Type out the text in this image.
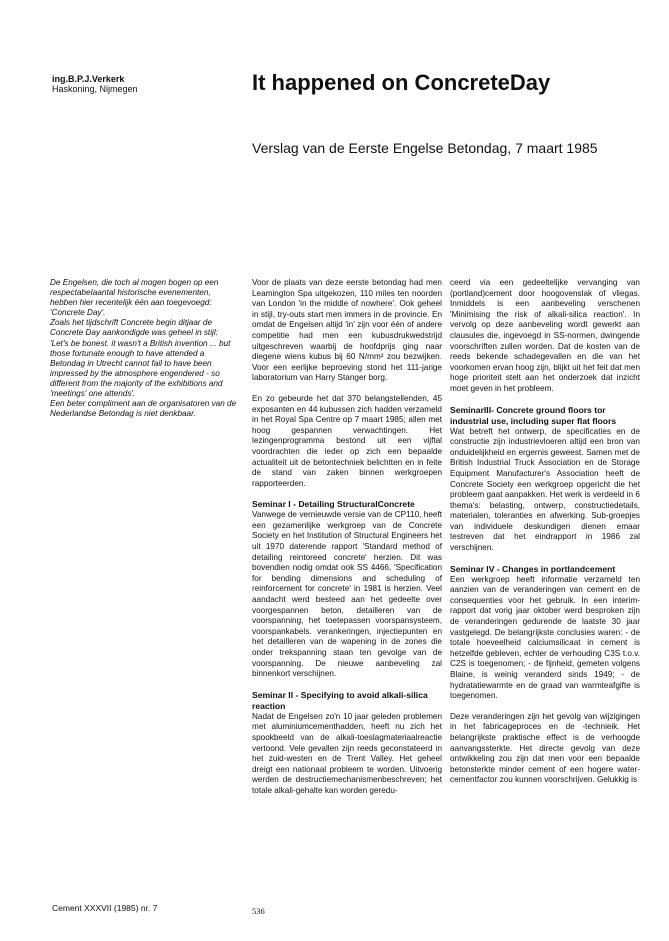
ing.B.P.J.Verkerk
Haskoning, Nijmegen	It happened on ConcreteDay
Verslag van de Eerste Engelse Betondag, 7 maart 1985

De Engelsen, die toch al mogen bogen op een respectabeIaantal historische evenementen, hebben hier recentelijk één aan toegevoegd: 'Concrete Day'.

Zoals het tijdschrift Concrete begin ditjaar de Concrete Day aankondigde was geheel in stijl:

'Let's be bonest. it wasn't a British invention ... but those fortunate enough to have attended a Betondag in Utrecht cannot fail to have been impressed by the atmosphere engendered - so different from the majority of the exhibitions and 'meetings' one attends'.

Een beter compliment aan de organisatoren van de Nederlandse Betondag is niet denkbaar.

Voor de plaats van deze eerste betondag had men Leamington Spa uitgekozen, 110 miles ten noorden van London 'in the middle of nowhere'. Ook geheel in stijl, try-outs start men immers in de provincie. En omdat de Engelsen altijd 'in' zijn voor één of andere competitie had men een kubusdrukwedstrijd uitgeschreven waarbij de hoofdprijs ging naar diegene wiens kubus bij 60 N/mm² zou bezwijken. Voor een eerlijke beproeving stond het 111-jarige laboratorium van Harry Stanger borg.

En zo gebeurde het dat 370 belangstellenden, 45 exposanten en 44 kubussen zich hadden verzameld in het Royal Spa Centre op 7 maart 1985; allen met hoog gespannen verwachtingen. Het lezingenprogramma bestond uit een vijftal voordrachten die ieder op zich een bepaalde actualiteit uit de betontechniek belichtten en in feite de stand van zaken binnen werkgroepen rapporteerden.

Seminar I - Detailing StructuralConcrete

Vanwege de vernieuwde versie van de CP110, heeft een gezamenlijke werkgroep van de Concrete Society en het Institution of Structural Engineers het uit 1970 daterende rapport 'Standard method of detailing reintoreed concrete' herzien. Dit was bovendien nodig omdat ook SS 4466, 'Specification for bending dimensions and scheduling of reinforcement for concrete' in 1981 is herzien. Veel aandacht werd besteed aan het gedeelte over voorgespannen beton, detailleren van de voorspanning, het toetepassen voorspansysteem, voorspankabels. verankeringen, injectiepunten en het detailleren van de wapening in de zones die onder trekspanning staan ten gevolge van de voorspanning. De nieuwe aanbeveling zal binnenkort verschijnen.

Seminar II - Specifying to avoid alkali-silica reaction

Nadat de Engelsen zo'n 10 jaar geleden problemen met aluminiumcementhadden, heeft nu zich het spookbeeld van de alkali-toeslagmateriaalreactie vertoond. Vele gevallen zijn reeds geconstateerd in het zuid-westen en de Trent Valley. Het geheel dreigt een nationaal probleem te worden. Uitvoerig werden de destructiemechanismenbeschreven; het totale alkali-gehalte kan worden geredu-

ceerd via een gedeeltelijke vervanging van (portland)cement door hoogovenslak of vliegas. Inmiddels is een aanbeveling verschenen 'Minimising the risk of alkali-silica reaction'. In vervolg op deze aanbeveling wordt gewerkt aan clausules die, ingevoegd in SS-normen, dwingende voorschriften zullen worden. Dat de kosten van de reeds bekende schadegevallen en die van het voorkomen ervan hoog zijn, blijkt uit het feit dat men hoge prioriteit stelt aan het onderzoek dat inzicht moet geven in het probleem.

SeminarIII- Concrete ground floors tor industrial use, including super flat floors

Wat betreft het ontwerp, de specificaties en de constructie zijn industrievloeren altijd een bron van onduidelijkheid en ergernis geweest. Samen met de British Industrial Truck Association en de Storage Equipment Manufacturer's Association heeft de Concrete Society een werkgroep opgericht die het probleem gaat aanpakken. Het werk is verdeeld in 6 thema's: belasting, ontwerp, constructiedetails, materialen, toleranties en afwerking. Sub-groepjes van individuele deskundigen dienen emaar testreven dat het eindrapport in 1986 zal verschijnen.

Seminar IV - Changes in portlandcement

Een werkgroep heeft informatie verzameld ten aanzien van de veranderingen van cement en de consequenties voor het gebruik. In een interim-rapport dat vorig jaar oktober werd besproken zijn de veranderingen gedurende de laatste 30 jaar vastgelegd. De belangrijkste conclusies waren: - de totale hoeveelheid calciumsilicaat in cement is hetzelfde gebleven, echter de verhouding C3S t.o.v. C2S is toegenomen; - de fijnheid, gemeten volgens Blaine, is weinig veranderd sinds 1949; - de hydratatiewarmte en de graad van warmteafgifte is toegenomen.

Deze veranderingen zijn het gevolg van wijzigingen in het fabricageproces en de -technieik. Het belangrijkste praktische effect is de verhoogde aanvangssterkte. Het directe gevolg van deze ontwikkeling zou zijn dat men voor een bepaalde betonsterkte minder cement of een hogere water-cementfactor zou kunnen voorschrijven. Gelukkig is

Cement XXXVII (1985) nr. 7	536
